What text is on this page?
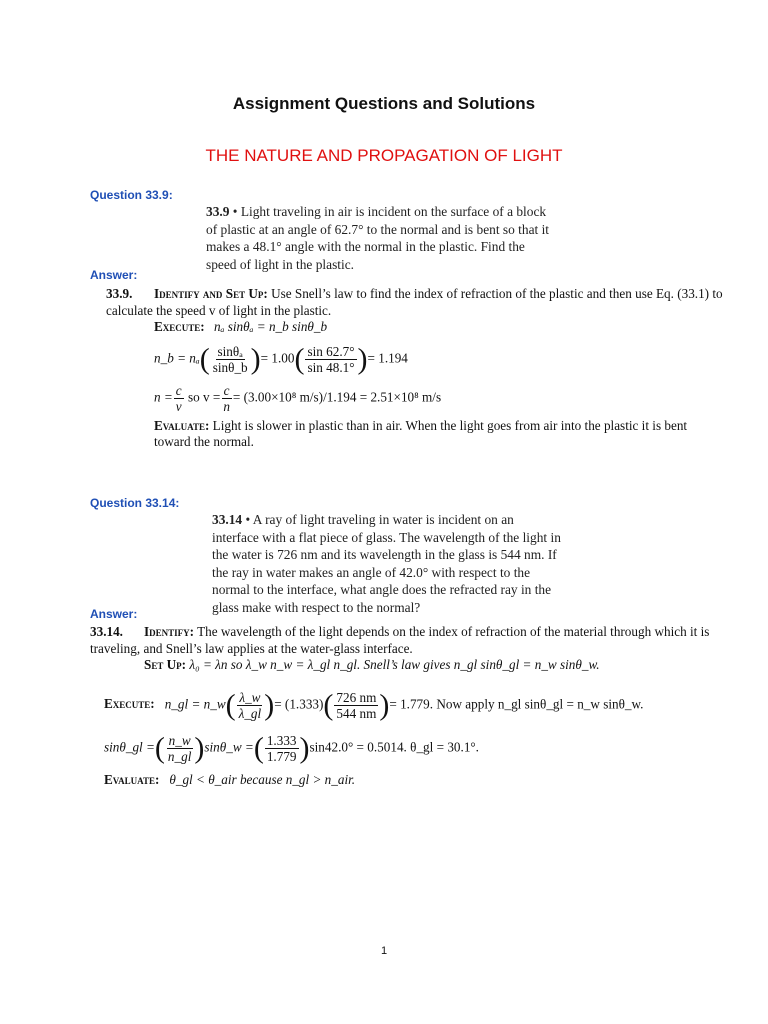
Assignment Questions and Solutions
THE NATURE AND PROPAGATION OF LIGHT
Question 33.9:
33.9 • Light traveling in air is incident on the surface of a block of plastic at an angle of 62.7° to the normal and is bent so that it makes a 48.1° angle with the normal in the plastic. Find the speed of light in the plastic.
Answer:

33.9. Identify and Set Up: Use Snell’s law to find the index of refraction of the plastic and then use Eq. (33.1) to calculate the speed v of light in the plastic.

Execute: nₐ sinθₐ = n_b sinθ_b

n_b = $n_a( \frac{\text{sinθₐ}}{\sin\theta\_b}$ )= $1.00( \frac{\sin 62.7^\circ}{\sin 48.1^\circ}$ )= 1.194

$n = \frac{c}{v}$ so $v = \frac{c}{n} = (3.00\times 10^8$ m/s)/1.194 = 2.51×10⁸ m/s

Evaluate: Light is slower in plastic than in air. When the light goes from air into the plastic it is bent toward the normal.

Question 33.14:
33.14 • A ray of light traveling in water is incident on an interface with a flat piece of glass. The wavelength of the light in the water is 726 nm and its wavelength in the glass is 544 nm. If the ray in water makes an angle of 42.0° with respect to the normal to the interface, what angle does the refracted ray in the glass make with respect to the normal?
Answer:

33.14. Identify: The wavelength of the light depends on the index of refraction of the material through which it is traveling, and Snell’s law applies at the water-glass interface.

Set Up: λ₀ = λn so λ_w n_w = λ_gl n_gl. Snell’s law gives n_gl sinθ_gl = n_w sinθ_w.

Execute: n_gl = n_w( $\frac{\lambda\_w}{\lambda\_gl}$ )= $(1.333)( \frac{726 nm}{544 nm}$ )= 1.779. Now apply n_gl sinθ_gl = n_w sinθ_w.

sinθ_gl =( $\frac{n\_w}{n\_gl}$ )sinθ_w =( $\frac{1.333}{1.779} )\sin 42.0^\circ = 0.5014$. θ_gl = 30.1°.

Evaluate: θ_gl < θ_air because n_gl > n_air.

1
